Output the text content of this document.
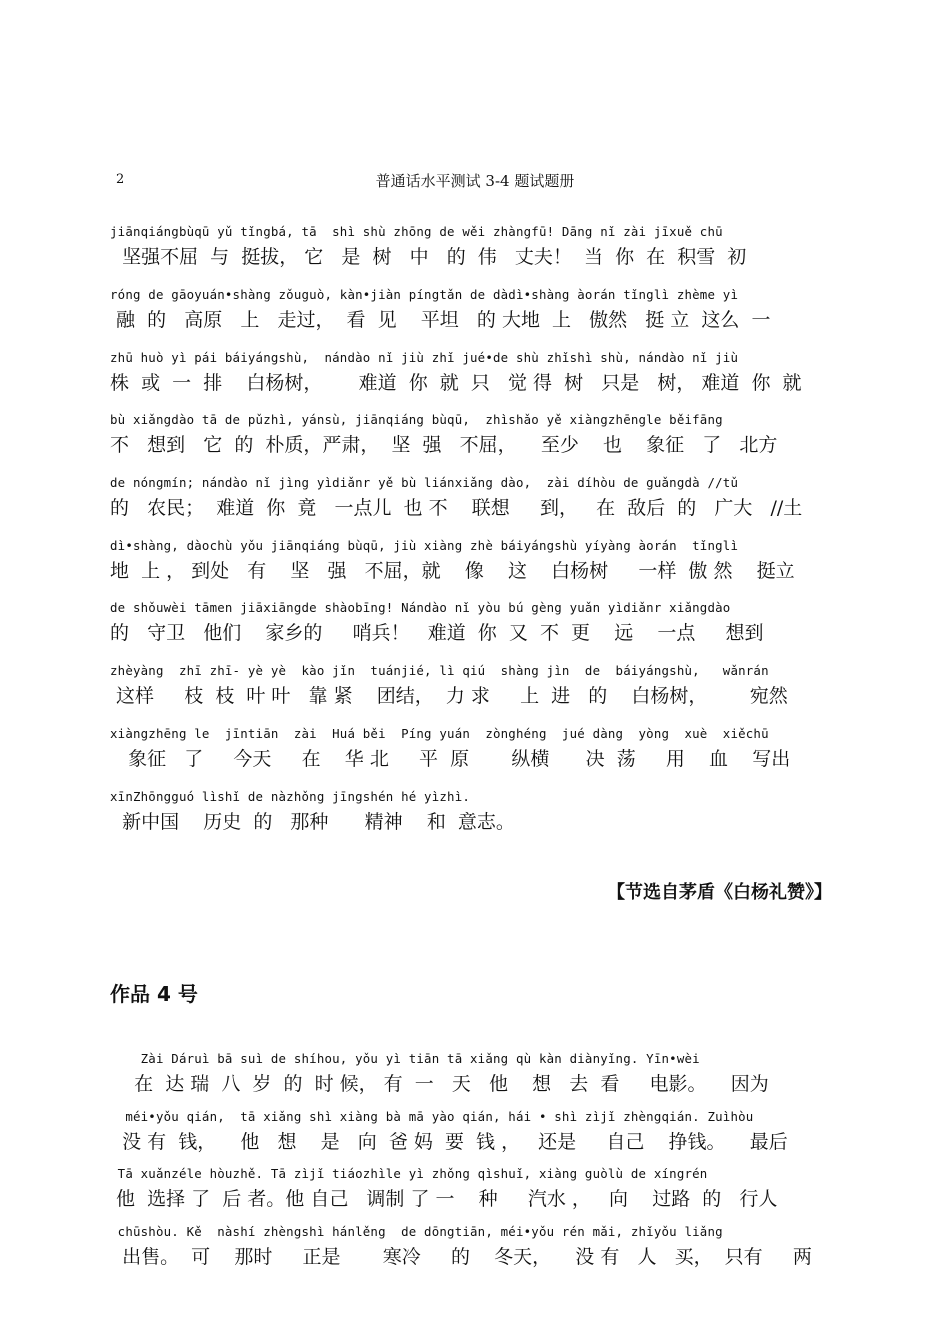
2	普通话水平测试 3-4 题试题册
jiānqiángbùqū yǔ tǐngbá, tā  shì shù zhōng de wěi zhàngfū! Dāng nǐ zài jīxuě chū
坚强不屈  与  挺拔， 它   是  树   中   的  伟   丈夫！  当  你  在  积雪  初
róng de gāoyuán•shàng zǒuguò, kàn•jiàn píngtǎn de dàdì•shàng àorán tǐnglì zhème yì
融  的   高原   上   走过，  看  见    平坦   的 大地  上   傲然   挺 立  这么  一
zhū huò yì pái báiyángshù,  nándào nǐ jiù zhǐ jué•de shù zhǐshì shù, nándào nǐ jiù
株  或  一  排    白杨树，      难道  你  就  只   觉 得  树   只是   树， 难道  你  就
bù xiǎngdào tā de pǔzhì, yánsù, jiānqiáng bùqū,  zhìshǎo yě xiàngzhēngle běifāng
不   想到   它  的  朴质，严肃，  坚  强   不屈，    至少    也    象征   了   北方
de nóngmín; nándào nǐ jìng yìdiǎnr yě bù liánxiǎng dào,  zài díhòu de guǎngdà //tǔ
的   农民；  难道  你  竟   一点儿  也 不    联想     到，   在  敌后  的   广大   //土
dì•shàng, dàochù yǒu jiānqiáng bùqū, jiù xiàng zhè báiyángshù yíyàng àorán  tǐnglì
地  上 ， 到处   有    坚   强   不屈，就    像    这    白杨树     一样  傲 然    挺立
de shǒuwèi tāmen jiāxiāngde shàobīng! Nándào nǐ yòu bú gèng yuǎn yìdiǎnr xiǎngdào
的   守卫   他们    家乡的     哨兵！   难道  你  又  不  更    远    一点     想到
zhèyàng  zhī zhī- yè yè  kào jǐn  tuánjié, lì qiú  shàng jìn  de  báiyángshù,   wǎnrán
这样     枝  枝  叶 叶   靠 紧    团结，  力 求     上  进   的    白杨树，       宛然
xiàngzhēng le  jīntiān  zài  Huá běi  Píng yuán  zònghéng  jué dàng  yòng  xuè  xiěchū
象征   了     今天     在    华 北     平  原       纵横      决  荡     用    血    写出
xīnZhōngguó lìshǐ de nàzhǒng jīngshén hé yìzhì.
新中国    历史  的   那种      精神    和  意志。
【节选自茅盾《白杨礼赞》】
作品 4 号
Zài Dáruì bā suì de shíhou, yǒu yì tiān tā xiǎng qù kàn diànyǐng. Yīn•wèi
在  达 瑞  八  岁  的  时 候， 有  一   天   他    想   去  看     电影。    因为
méi•yǒu qián,  tā xiǎng shì xiàng bà mā yào qián, hái • shì zìjǐ zhèngqián. Zuìhòu
没 有  钱，    他   想    是   向  爸 妈  要  钱 ，   还是     自己    挣钱。    最后
Tā xuǎnzéle hòuzhě. Tā zìjǐ tiáozhìle yì zhǒng qìshuǐ, xiàng guòlù de xíngrén
他  选择 了  后 者。他 自己   调制 了 一    种     汽水 ，   向    过路  的   行人
chūshòu. Kě  nàshí zhèngshì hánlěng  de dōngtiān, méi•yǒu rén mǎi, zhǐyǒu liǎng
出售。  可    那时     正是       寒冷     的    冬天，    没 有   人   买，  只有     两
